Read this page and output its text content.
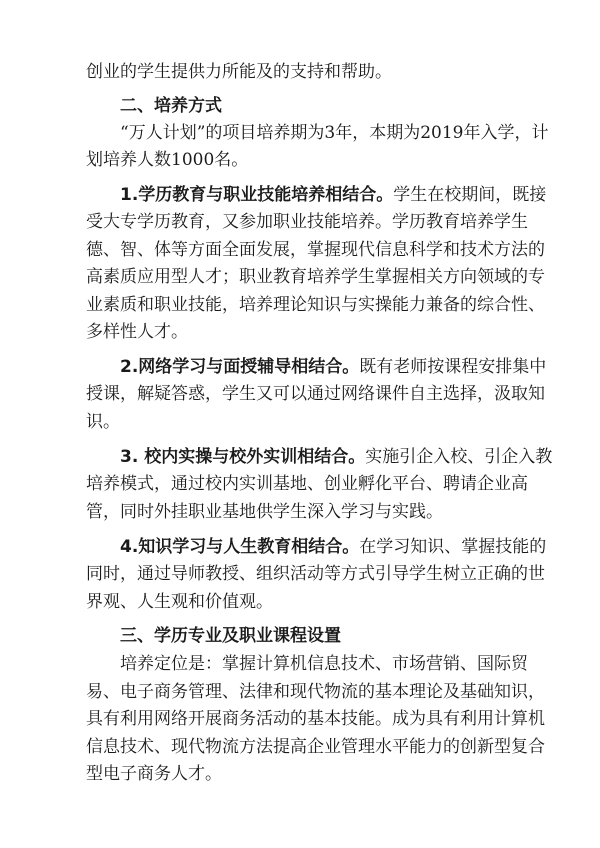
创业的学生提供力所能及的支持和帮助。
二、培养方式
“万人计划”的项目培养期为3年，本期为2019年入学，计
划培养人数1000名。
1.学历教育与职业技能培养相结合。学生在校期间，既接
受大专学历教育，又参加职业技能培养。学历教育培养学生
德、智、体等方面全面发展，掌握现代信息科学和技术方法的
高素质应用型人才；职业教育培养学生掌握相关方向领域的专
业素质和职业技能，培养理论知识与实操能力兼备的综合性、
多样性人才。
2.网络学习与面授辅导相结合。既有老师按课程安排集中
授课，解疑答惑，学生又可以通过网络课件自主选择，汲取知
识。
3. 校内实操与校外实训相结合。实施引企入校、引企入教
培养模式，通过校内实训基地、创业孵化平台、聘请企业高
管，同时外挂职业基地供学生深入学习与实践。
4.知识学习与人生教育相结合。在学习知识、掌握技能的
同时，通过导师教授、组织活动等方式引导学生树立正确的世
界观、人生观和价值观。
三、学历专业及职业课程设置
培养定位是：掌握计算机信息技术、市场营销、国际贸
易、电子商务管理、法律和现代物流的基本理论及基础知识，
具有利用网络开展商务活动的基本技能。成为具有利用计算机
信息技术、现代物流方法提高企业管理水平能力的创新型复合
型电子商务人才。
